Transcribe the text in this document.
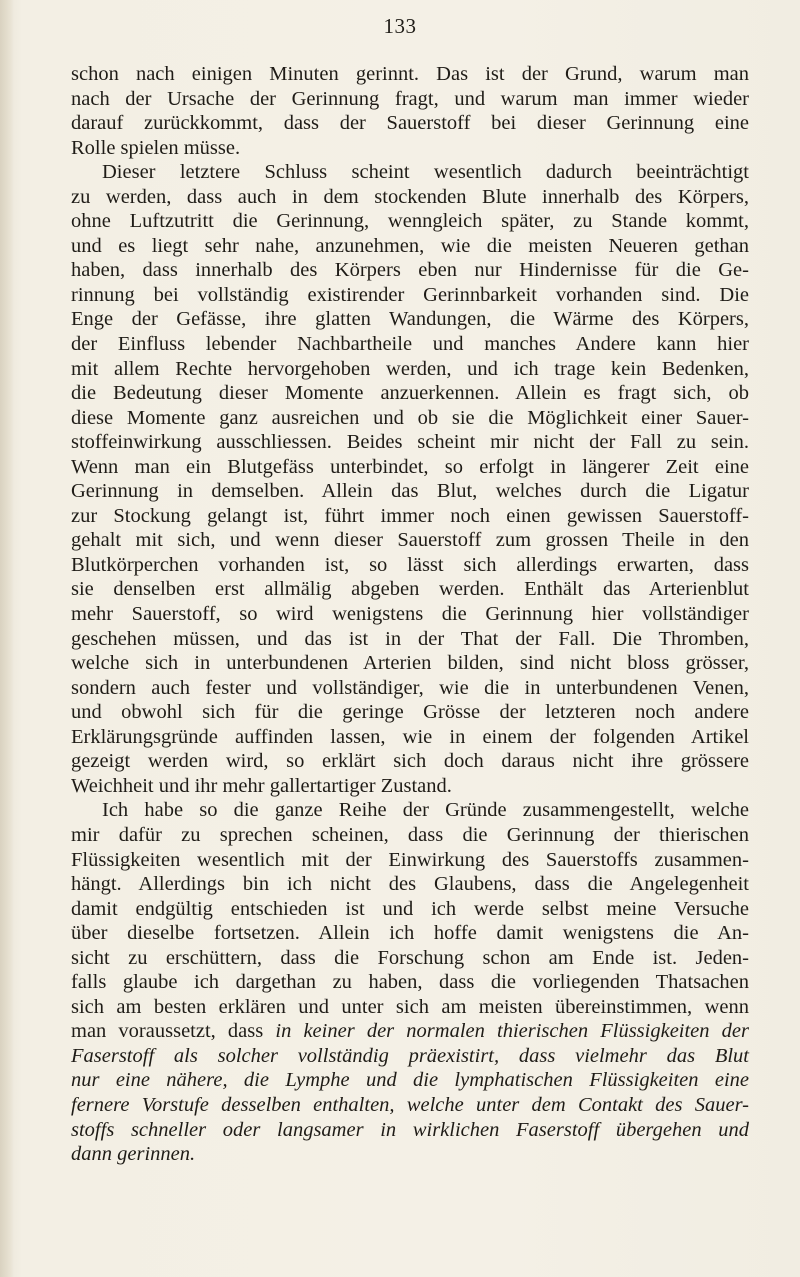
133

schon nach einigen Minuten gerinnt. Das ist der Grund, warum man
nach der Ursache der Gerinnung fragt, und warum man immer wieder
darauf zurückkommt, dass der Sauerstoff bei dieser Gerinnung eine
Rolle spielen müsse.

Dieser letztere Schluss scheint wesentlich dadurch beeinträchtigt
zu werden, dass auch in dem stockenden Blute innerhalb des Körpers,
ohne Luftzutritt die Gerinnung, wenngleich später, zu Stande kommt,
und es liegt sehr nahe, anzunehmen, wie die meisten Neueren gethan
haben, dass innerhalb des Körpers eben nur Hindernisse für die Ge-
rinnung bei vollständig existirender Gerinnbarkeit vorhanden sind. Die
Enge der Gefässe, ihre glatten Wandungen, die Wärme des Körpers,
der Einfluss lebender Nachbartheile und manches Andere kann hier
mit allem Rechte hervorgehoben werden, und ich trage kein Bedenken,
die Bedeutung dieser Momente anzuerkennen. Allein es fragt sich, ob
diese Momente ganz ausreichen und ob sie die Möglichkeit einer Sauer-
stoffeinwirkung ausschliessen. Beides scheint mir nicht der Fall zu sein.
Wenn man ein Blutgefäss unterbindet, so erfolgt in längerer Zeit eine
Gerinnung in demselben. Allein das Blut, welches durch die Ligatur
zur Stockung gelangt ist, führt immer noch einen gewissen Sauerstoff-
gehalt mit sich, und wenn dieser Sauerstoff zum grossen Theile in den
Blutkörperchen vorhanden ist, so lässt sich allerdings erwarten, dass
sie denselben erst allmälig abgeben werden. Enthält das Arterienblut
mehr Sauerstoff, so wird wenigstens die Gerinnung hier vollständiger
geschehen müssen, und das ist in der That der Fall. Die Thromben,
welche sich in unterbundenen Arterien bilden, sind nicht bloss grösser,
sondern auch fester und vollständiger, wie die in unterbundenen Venen,
und obwohl sich für die geringe Grösse der letzteren noch andere
Erklärungsgründe auffinden lassen, wie in einem der folgenden Artikel
gezeigt werden wird, so erklärt sich doch daraus nicht ihre grössere
Weichheit und ihr mehr gallertartiger Zustand.

Ich habe so die ganze Reihe der Gründe zusammengestellt, welche
mir dafür zu sprechen scheinen, dass die Gerinnung der thierischen
Flüssigkeiten wesentlich mit der Einwirkung des Sauerstoffs zusammen-
hängt. Allerdings bin ich nicht des Glaubens, dass die Angelegenheit
damit endgültig entschieden ist und ich werde selbst meine Versuche
über dieselbe fortsetzen. Allein ich hoffe damit wenigstens die An-
sicht zu erschüttern, dass die Forschung schon am Ende ist. Jeden-
falls glaube ich dargethan zu haben, dass die vorliegenden Thatsachen
sich am besten erklären und unter sich am meisten übereinstimmen, wenn
man voraussetzt, dass in keiner der normalen thierischen Flüssigkeiten der
Faserstoff als solcher vollständig präexistirt, dass vielmehr das Blut
nur eine nähere, die Lymphe und die lymphatischen Flüssigkeiten eine
fernere Vorstufe desselben enthalten, welche unter dem Contakt des Sauer-
stoffs schneller oder langsamer in wirklichen Faserstoff übergehen und
dann gerinnen.
